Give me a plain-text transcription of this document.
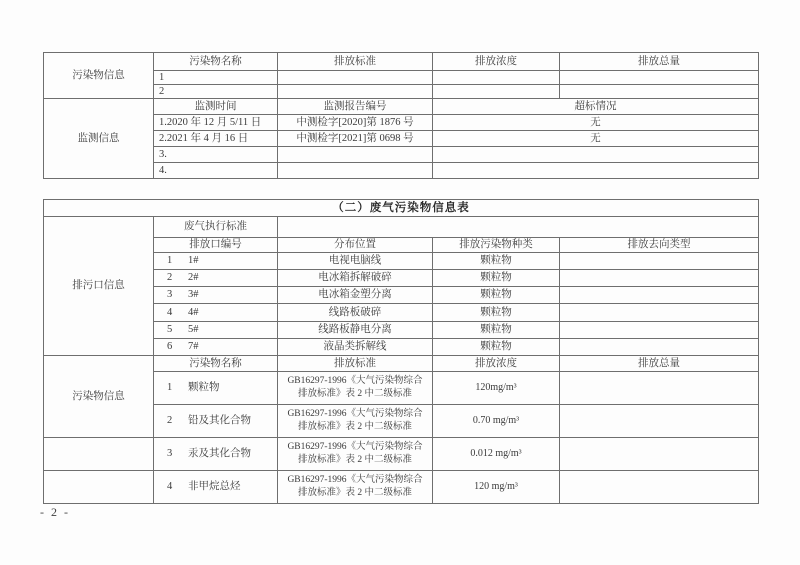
污染物信息	污染物名称	排放标准	排放浓度	排放总量
	1			
	2			
监测信息	监测时间	监测报告编号	超标情况	
	1.2020 年 12 月 5/11 日	中测检字[2020]第 1876 号	无	
	2.2021 年 4 月 16 日	中测检字[2021]第 0698 号	无	
	3.			
	4.			
（二）废气污染物信息表				
排污口信息	废气执行标准			
	排放口编号	分布位置	排放污染物种类	排放去向类型
	1 1#	电视电脑线	颗粒物	
	2 2#	电冰箱拆解破碎	颗粒物	
	3 3#	电冰箱金塑分离	颗粒物	
	4 4#	线路板破碎	颗粒物	
	5 5#	线路板静电分离	颗粒物	
	6 7#	液晶类拆解线	颗粒物	
污染物信息	污染物名称	排放标准	排放浓度	排放总量
	1 颗粒物	GB16297-1996《大气污染物综合排放标准》表 2 中二级标准	120mg/m³	
	2 铅及其化合物	GB16297-1996《大气污染物综合排放标准》表 2 中二级标准	0.70 mg/m³	
	3 汞及其化合物	GB16297-1996《大气污染物综合排放标准》表 2 中二级标准	0.012 mg/m³	
	4 非甲烷总烃	GB16297-1996《大气污染物综合排放标准》表 2 中二级标准	120 mg/m³	
- 2 -
